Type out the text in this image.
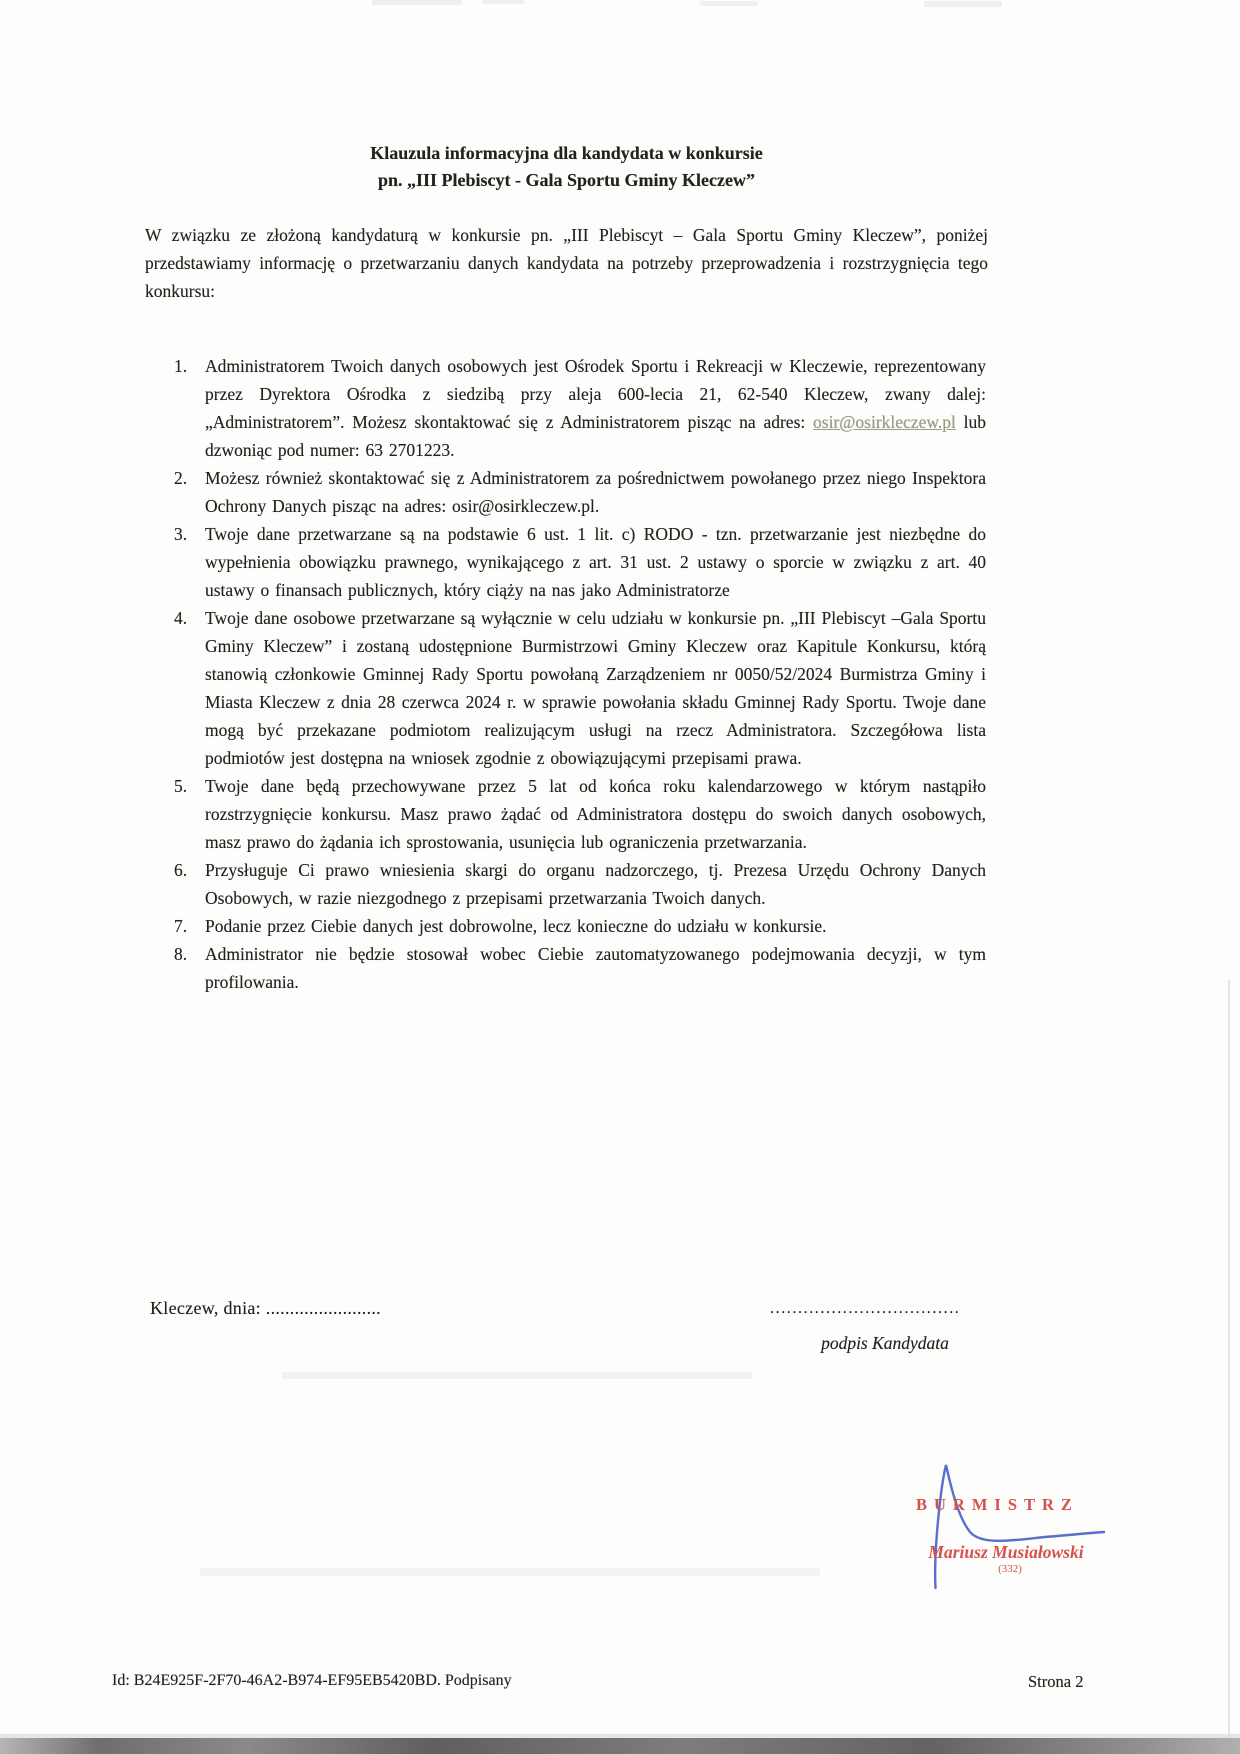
Klauzula informacyjna dla kandydata w konkursie
pn. „III Plebiscyt - Gala Sportu Gminy Kleczew”
W związku ze złożoną kandydaturą w konkursie pn. „III Plebiscyt – Gala Sportu Gminy Kleczew”, poniżej przedstawiamy informację o przetwarzaniu danych kandydata na potrzeby przeprowadzenia i rozstrzygnięcia tego konkursu:
1.	Administratorem Twoich danych osobowych jest Ośrodek Sportu i Rekreacji w Kleczewie, reprezentowany przez Dyrektora Ośrodka z siedzibą przy aleja 600-lecia 21, 62-540 Kleczew, zwany dalej: „Administratorem”. Możesz skontaktować się z Administratorem pisząc na adres: osir@osirkleczew.pl lub dzwoniąc pod numer: 63 2701223.
2.	Możesz również skontaktować się z Administratorem za pośrednictwem powołanego przez niego Inspektora Ochrony Danych pisząc na adres: osir@osirkleczew.pl.
3.	Twoje dane przetwarzane są na podstawie 6 ust. 1 lit. c) RODO - tzn. przetwarzanie jest niezbędne do wypełnienia obowiązku prawnego, wynikającego z art. 31 ust. 2 ustawy o sporcie w związku z art. 40 ustawy o finansach publicznych, który ciąży na nas jako Administratorze
4.	Twoje dane osobowe przetwarzane są wyłącznie w celu udziału w konkursie pn. „III Plebiscyt –Gala Sportu Gminy Kleczew” i zostaną udostępnione Burmistrzowi Gminy Kleczew oraz Kapitule Konkursu, którą stanowią członkowie Gminnej Rady Sportu powołaną Zarządzeniem nr 0050/52/2024 Burmistrza Gminy i Miasta Kleczew z dnia 28 czerwca 2024 r. w sprawie powołania składu Gminnej Rady Sportu. Twoje dane mogą być przekazane podmiotom realizującym usługi na rzecz Administratora. Szczegółowa lista podmiotów jest dostępna na wniosek zgodnie z obowiązującymi przepisami prawa.
5.	Twoje dane będą przechowywane przez 5 lat od końca roku kalendarzowego w którym nastąpiło rozstrzygnięcie konkursu. Masz prawo żądać od Administratora dostępu do swoich danych osobowych, masz prawo do żądania ich sprostowania, usunięcia lub ograniczenia przetwarzania.
6.	Przysługuje Ci prawo wniesienia skargi do organu nadzorczego, tj. Prezesa Urzędu Ochrony Danych Osobowych, w razie niezgodnego z przepisami przetwarzania Twoich danych.
7.	Podanie przez Ciebie danych jest dobrowolne, lecz konieczne do udziału w konkursie.
8.	Administrator nie będzie stosował wobec Ciebie zautomatyzowanego podejmowania decyzji, w tym profilowania.
Kleczew, dnia: ........................	..................................
podpis Kandydata
BURMISTRZ
Mariusz Musiałowski
(332)
Id: B24E925F-2F70-46A2-B974-EF95EB5420BD. Podpisany	Strona 2
